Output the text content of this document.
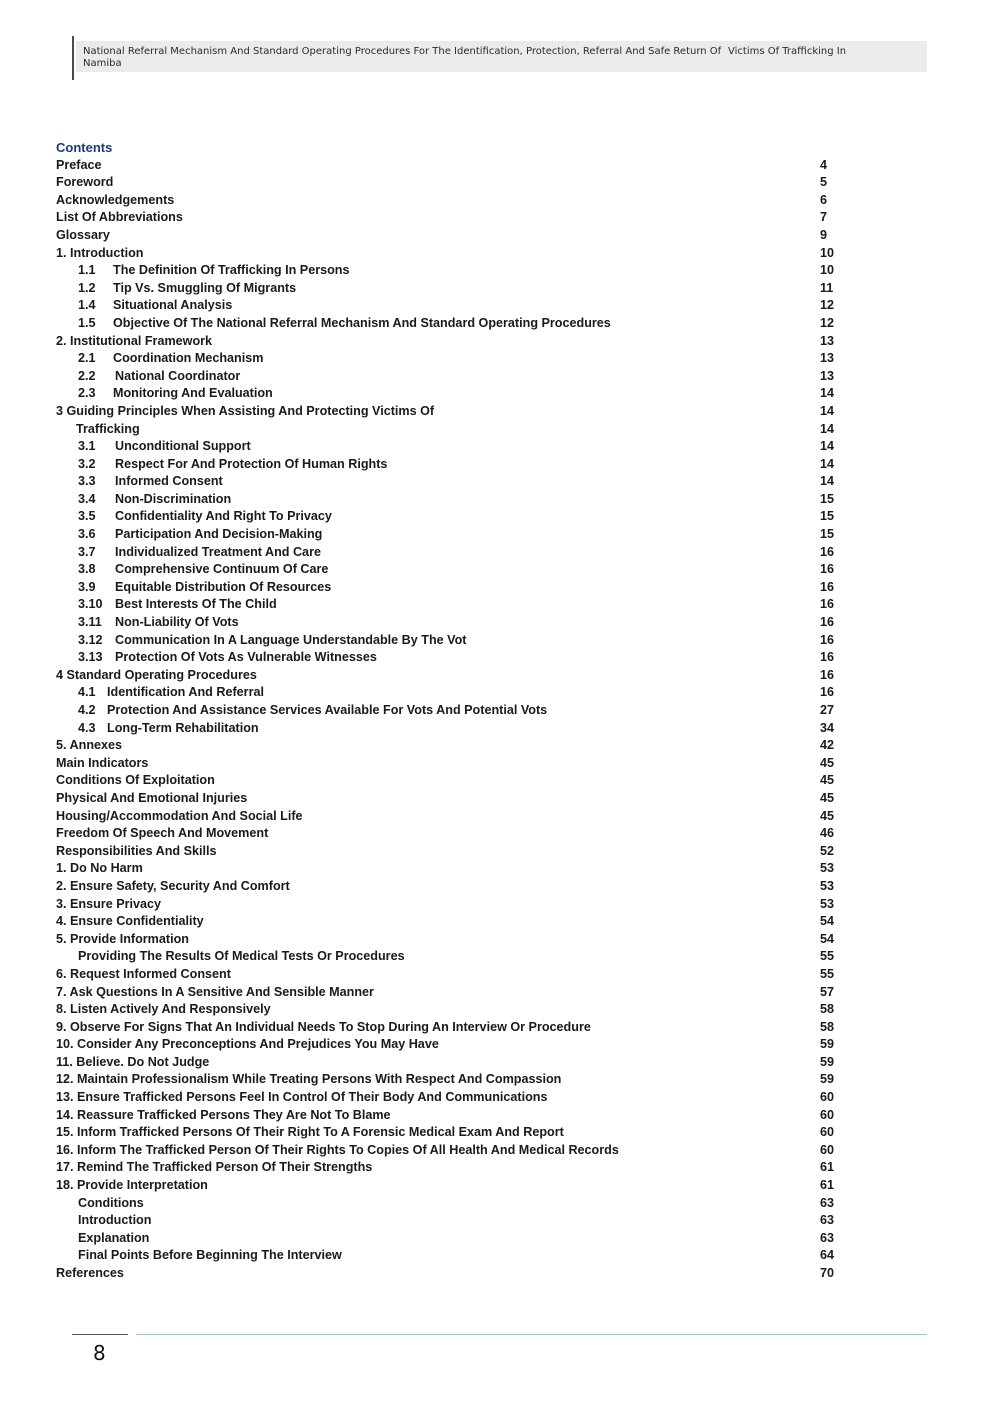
National Referral Mechanism And Standard Operating Procedures For The Identification, Protection, Referral And Safe Return Of Victims Of Trafficking In
Namiba
Contents
Preface	4
Foreword	5
Acknowledgements	6
List Of Abbreviations	7
Glossary	9
1. Introduction	10
1.1 The Definition Of Trafficking In Persons	10
1.2 Tip Vs. Smuggling Of Migrants	11
1.4 Situational Analysis	12
1.5 Objective Of The National Referral Mechanism And Standard Operating Procedures	12
2. Institutional Framework	13
2.1 Coordination Mechanism	13
2.2 National Coordinator	13
2.3 Monitoring And Evaluation	14
3 Guiding Principles When Assisting And Protecting Victims Of	14
Trafficking	14
3.1 Unconditional Support	14
3.2 Respect For And Protection Of Human Rights	14
3.3 Informed Consent	14
3.4 Non-Discrimination	15
3.5 Confidentiality And Right To Privacy	15
3.6 Participation And Decision-Making	15
3.7 Individualized Treatment And Care	16
3.8 Comprehensive Continuum Of Care	16
3.9 Equitable Distribution Of Resources	16
3.10 Best Interests Of The Child	16
3.11 Non-Liability Of Vots	16
3.12 Communication In A Language Understandable By The Vot	16
3.13 Protection Of Vots As Vulnerable Witnesses	16
4 Standard Operating Procedures	16
4.1 Identification And Referral	16
4.2 Protection And Assistance Services Available For Vots And Potential Vots	27
4.3 Long-Term Rehabilitation	34
5. Annexes	42
Main Indicators	45
Conditions Of Exploitation	45
Physical And Emotional Injuries	45
Housing/Accommodation And Social Life	45
Freedom Of Speech And Movement	46
Responsibilities And Skills	52
1. Do No Harm	53
2. Ensure Safety, Security And Comfort	53
3. Ensure Privacy	53
4. Ensure Confidentiality	54
5. Provide Information	54
Providing The Results Of Medical Tests Or Procedures	55
6. Request Informed Consent	55
7. Ask Questions In A Sensitive And Sensible Manner	57
8. Listen Actively And Responsively	58
9. Observe For Signs That An Individual Needs To Stop During An Interview Or Procedure	58
10. Consider Any Preconceptions And Prejudices You May Have	59
11. Believe. Do Not Judge	59
12. Maintain Professionalism While Treating Persons With Respect And Compassion	59
13. Ensure Trafficked Persons Feel In Control Of Their Body And Communications	60
14. Reassure Trafficked Persons They Are Not To Blame	60
15. Inform Trafficked Persons Of Their Right To A Forensic Medical Exam And Report	60
16. Inform The Trafficked Person Of Their Rights To Copies Of All Health And Medical Records	60
17. Remind The Trafficked Person Of Their Strengths	61
18. Provide Interpretation	61
Conditions	63
Introduction	63
Explanation	63
Final Points Before Beginning The Interview	64
References	70
8
